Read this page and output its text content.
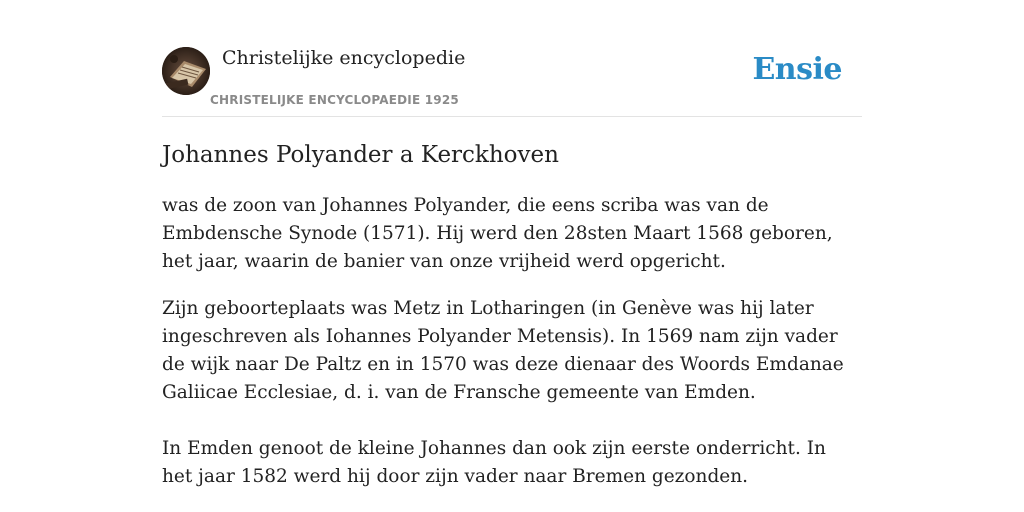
Christelijke encyclopedie
CHRISTELIJKE ENCYCLOPAEDIE 1925
Ensie
Johannes Polyander a Kerckhoven

was de zoon van Johannes Polyander, die eens scriba was van de Embdensche Synode (1571). Hij werd den 28sten Maart 1568 geboren, het jaar, waarin de banier van onze vrijheid werd opgericht.

Zijn geboorteplaats was Metz in Lotharingen (in Genève was hij later ingeschreven als Iohannes Polyander Metensis). In 1569 nam zijn vader de wijk naar De Paltz en in 1570 was deze dienaar des Woords Emdanae Galiicae Ecclesiae, d. i. van de Fransche gemeente van Emden.

In Emden genoot de kleine Johannes dan ook zijn eerste onderricht. In het jaar 1582 werd hij door zijn vader naar Bremen gezonden.
